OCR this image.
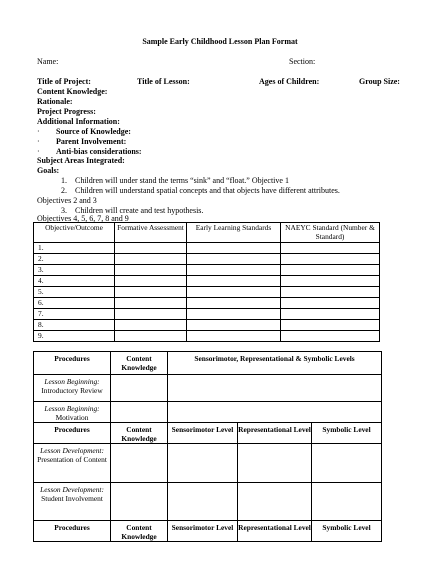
Sample Early Childhood Lesson Plan Format
Name:	Section:
Title of Project:	Title of Lesson:	Ages of Children:	Group Size:
Content Knowledge:
Rationale:
Project Progress:
Additional Information:
· Source of Knowledge:
· Parent Involvement:
· Anti-bias considerations:
Subject Areas Integrated:
Goals:
1. Children will under stand the terms “sink” and “float.” Objective 1
2. Children will understand spatial concepts and that objects have different attributes.
Objectives 2 and 3
3. Children will create and test hypothesis.
Objectives 4, 5, 6, 7, 8 and 9
Objective/Outcome	Formative Assessment	Early Learning Standards	NAEYC Standard (Number & Standard)
1.			
2.			
3.			
4.			
5.			
6.			
7.			
8.			
9.			
Procedures	Content Knowledge	Sensorimotor, Representational & Symbolic Levels		

Lesson Beginning:
Introductory Review				

Lesson Beginning:
Motivation				

Procedures	Content Knowledge	Sensorimotor Level	Representational Level	Symbolic Level

Lesson Development:
Presentation of Content				

Lesson Development:
Student Involvement				

Procedures	Content Knowledge	Sensorimotor Level	Representational Level	Symbolic Level
